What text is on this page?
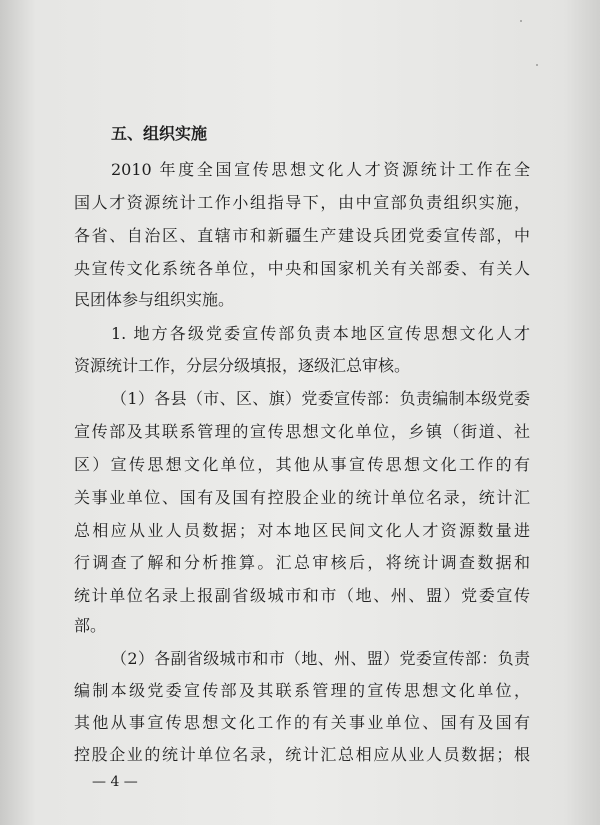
五、组织实施
2010 年度全国宣传思想文化人才资源统计工作在全
国人才资源统计工作小组指导下，由中宣部负责组织实施，
各省、自治区、直辖市和新疆生产建设兵团党委宣传部，中
央宣传文化系统各单位，中央和国家机关有关部委、有关人
民团体参与组织实施。
1. 地方各级党委宣传部负责本地区宣传思想文化人才
资源统计工作，分层分级填报，逐级汇总审核。
（1）各县（市、区、旗）党委宣传部：负责编制本级党委
宣传部及其联系管理的宣传思想文化单位，乡镇（街道、社
区）宣传思想文化单位，其他从事宣传思想文化工作的有
关事业单位、国有及国有控股企业的统计单位名录，统计汇
总相应从业人员数据；对本地区民间文化人才资源数量进
行调查了解和分析推算。汇总审核后，将统计调查数据和
统计单位名录上报副省级城市和市（地、州、盟）党委宣传
部。
（2）各副省级城市和市（地、州、盟）党委宣传部：负责
编制本级党委宣传部及其联系管理的宣传思想文化单位，
其他从事宣传思想文化工作的有关事业单位、国有及国有
控股企业的统计单位名录，统计汇总相应从业人员数据；根
— 4 —
